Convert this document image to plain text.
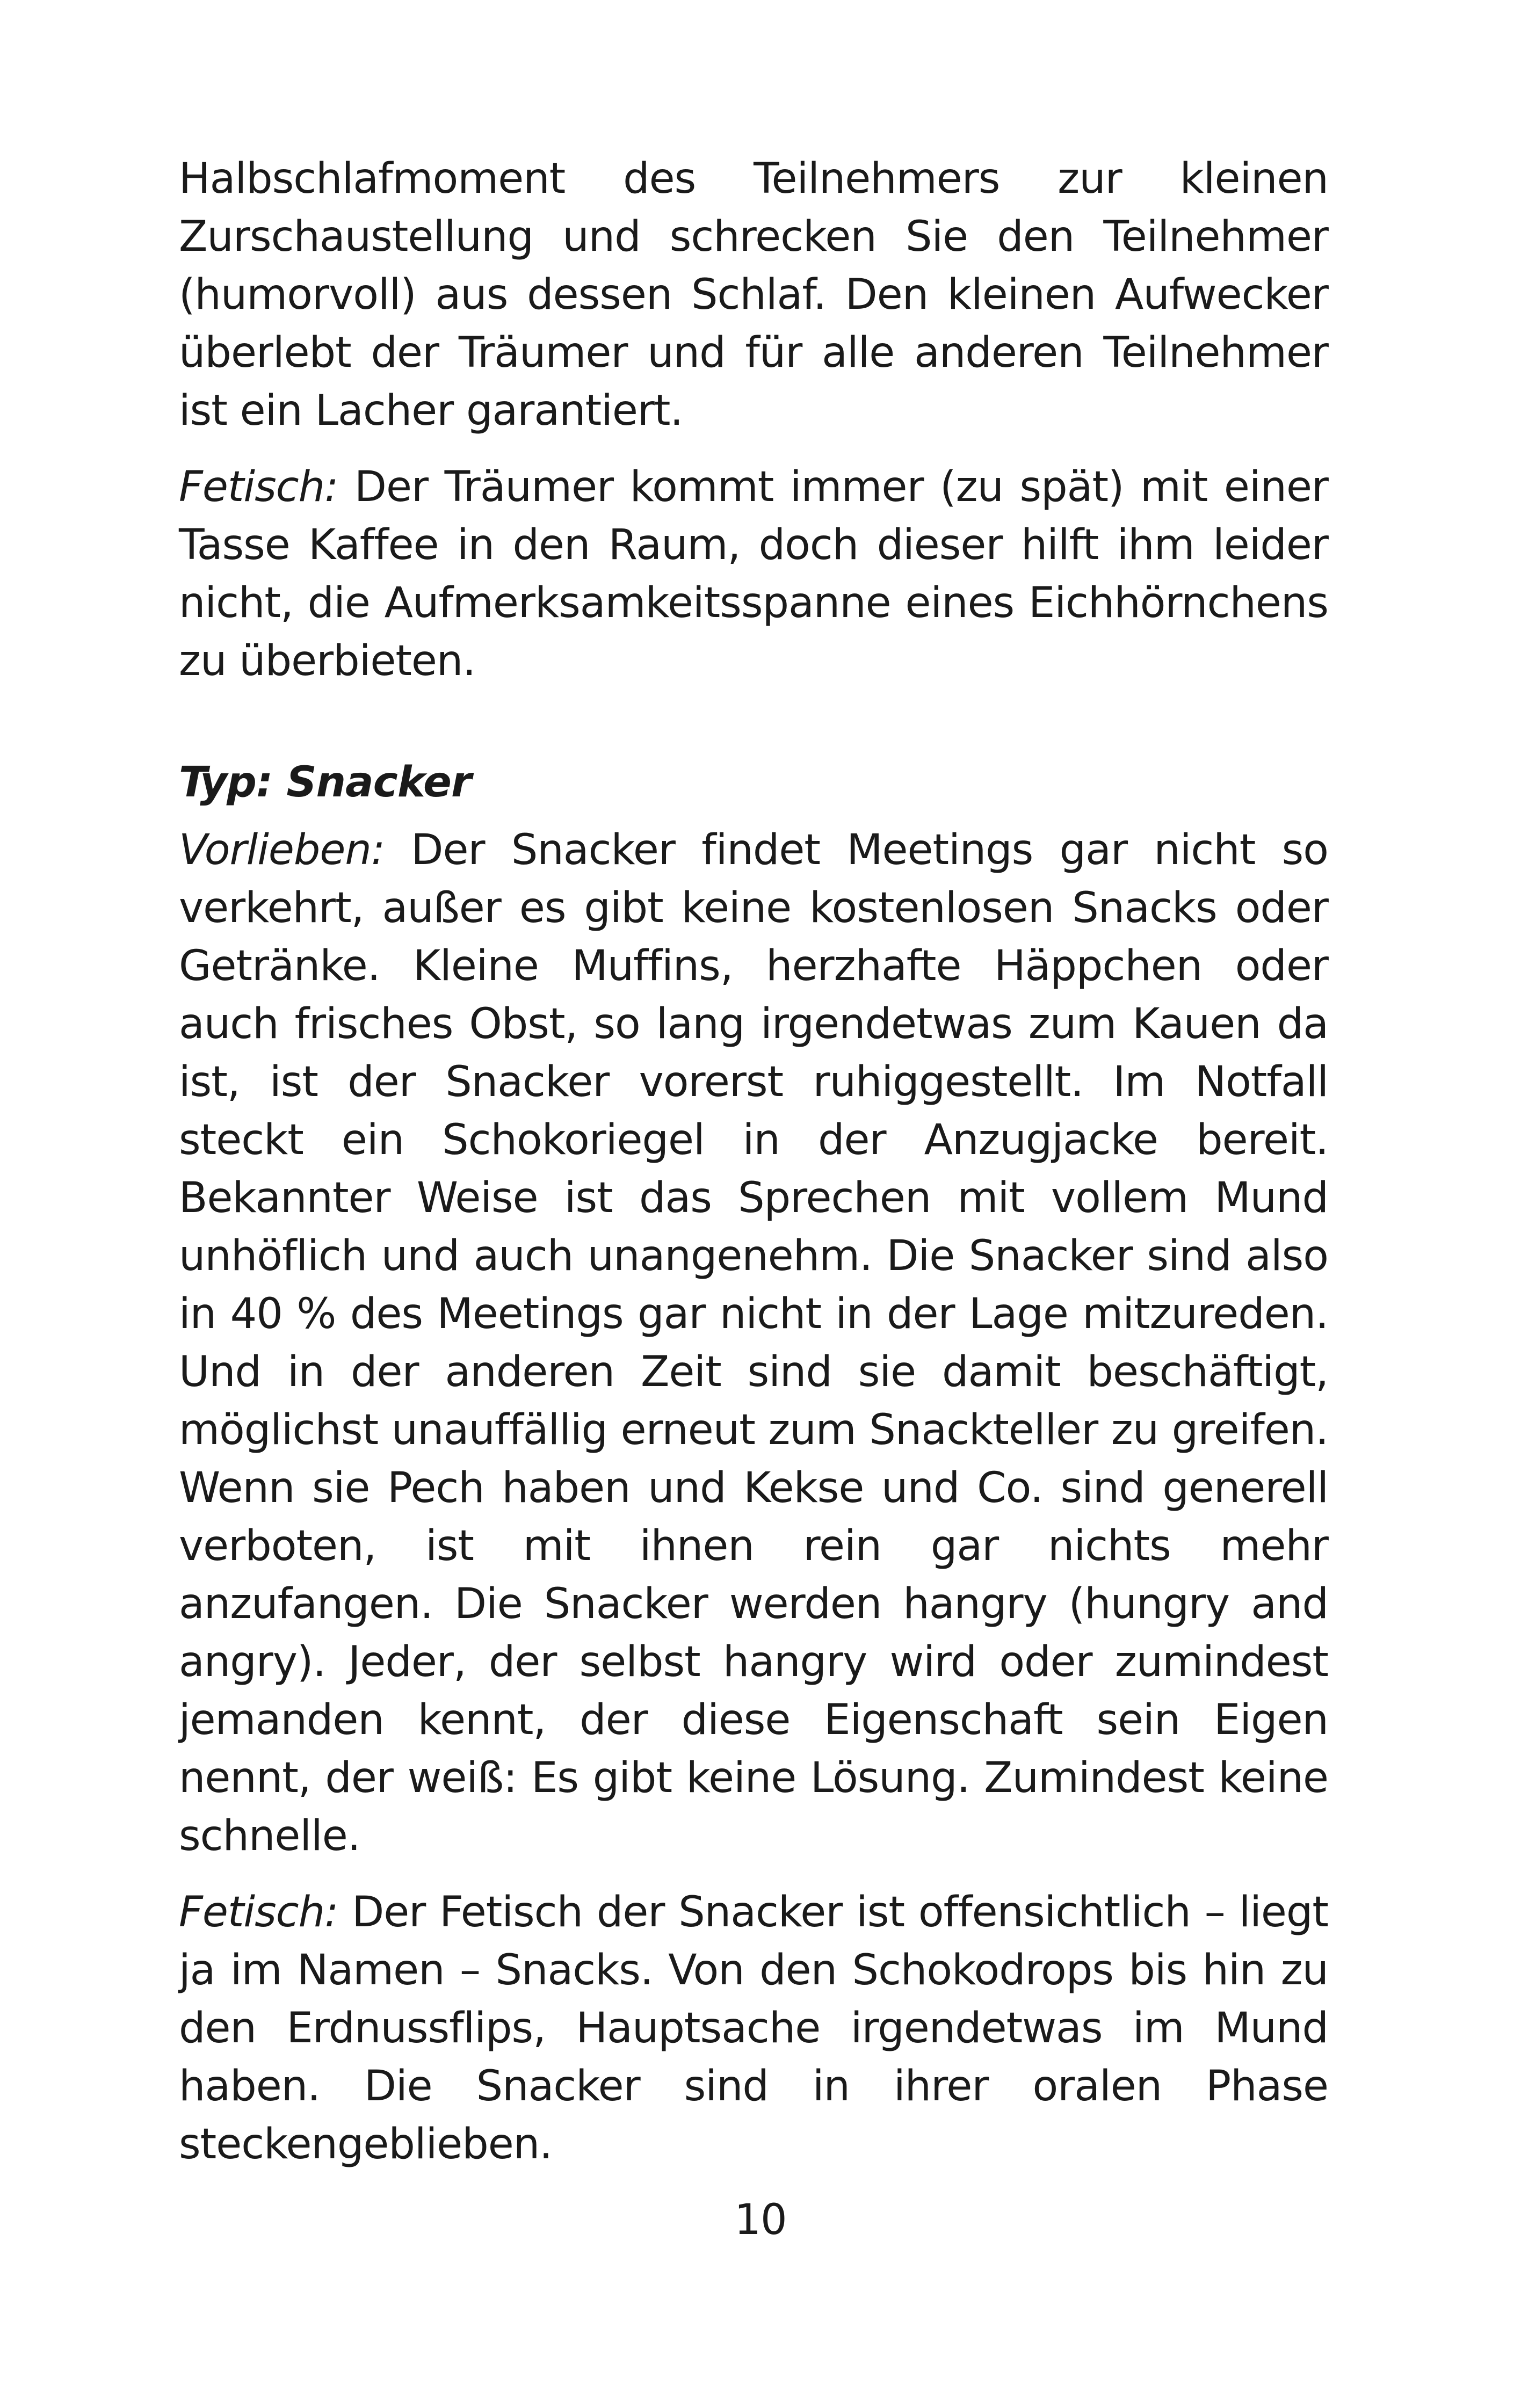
Halbschlafmoment des Teilnehmers zur kleinen Zurschaustellung und schrecken Sie den Teilnehmer (humorvoll) aus dessen Schlaf. Den kleinen Aufwecker überlebt der Träumer und für alle anderen Teilnehmer ist ein Lacher garantiert.

Fetisch: Der Träumer kommt immer (zu spät) mit einer Tasse Kaffee in den Raum, doch dieser hilft ihm leider nicht, die Aufmerksamkeitsspanne eines Eichhörnchens zu überbieten.

Typ: Snacker

Vorlieben: Der Snacker findet Meetings gar nicht so verkehrt, außer es gibt keine kostenlosen Snacks oder Getränke. Kleine Muffins, herzhafte Häppchen oder auch frisches Obst, so lang irgendetwas zum Kauen da ist, ist der Snacker vorerst ruhiggestellt. Im Notfall steckt ein Schokoriegel in der Anzugjacke bereit. Bekannter Weise ist das Sprechen mit vollem Mund unhöflich und auch unangenehm. Die Snacker sind also in 40 % des Meetings gar nicht in der Lage mitzureden. Und in der anderen Zeit sind sie damit beschäftigt, möglichst unauffällig erneut zum Snackteller zu greifen. Wenn sie Pech haben und Kekse und Co. sind generell verboten, ist mit ihnen rein gar nichts mehr anzufangen. Die Snacker werden hangry (hungry and angry). Jeder, der selbst hangry wird oder zumindest jemanden kennt, der diese Eigenschaft sein Eigen nennt, der weiß: Es gibt keine Lösung. Zumindest keine schnelle.

Fetisch: Der Fetisch der Snacker ist offensichtlich – liegt ja im Namen – Snacks. Von den Schokodrops bis hin zu den Erdnussflips, Hauptsache irgendetwas im Mund haben. Die Snacker sind in ihrer oralen Phase steckengeblieben.

10
